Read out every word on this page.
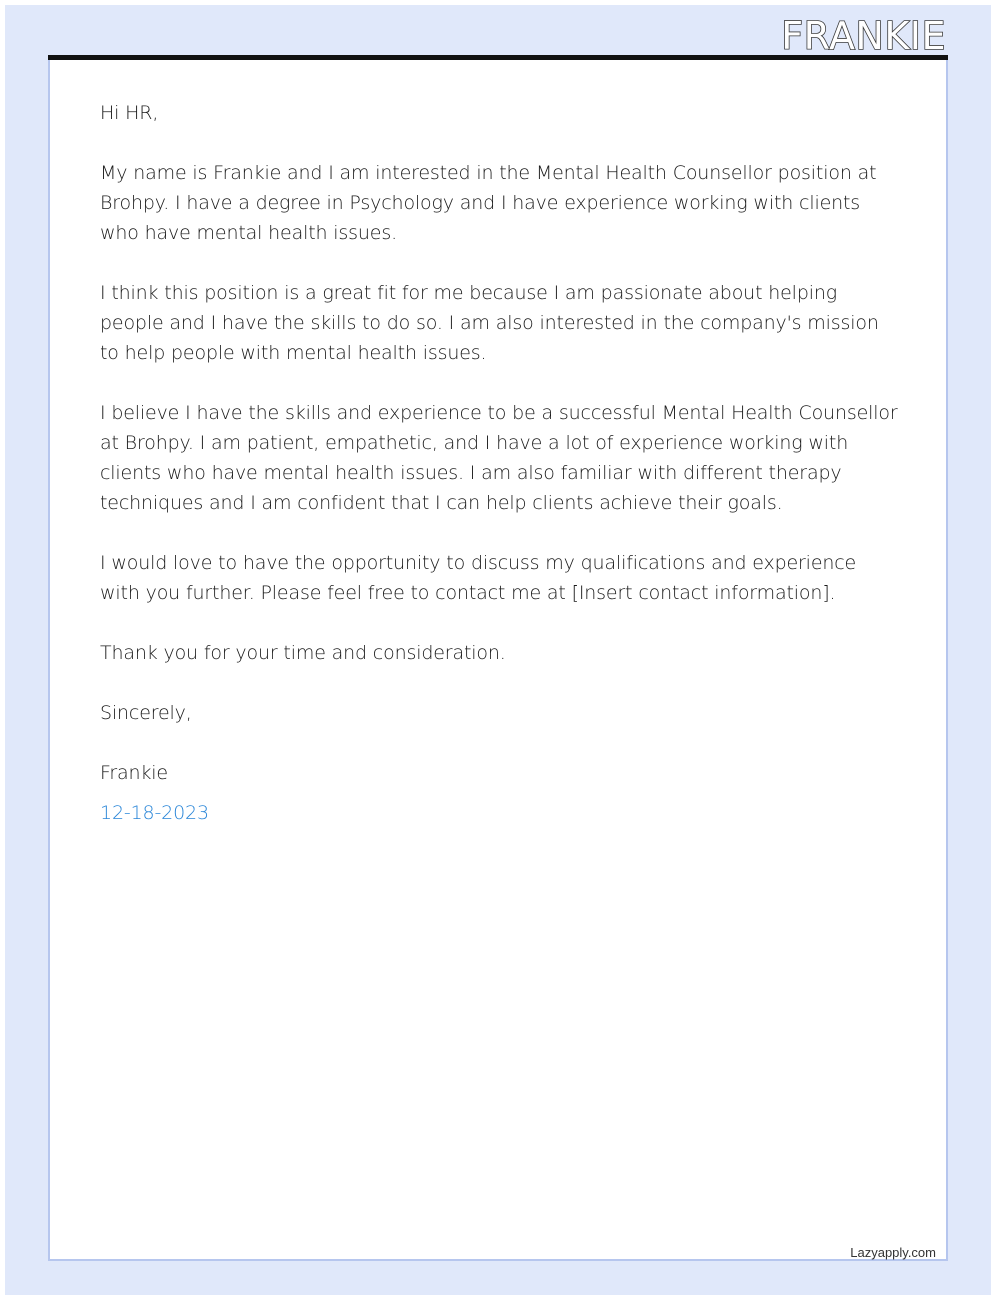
FRANKIE

Hi HR,

My name is Frankie and I am interested in the Mental Health Counsellor position at Brohpy. I have a degree in Psychology and I have experience working with clients who have mental health issues.

I think this position is a great fit for me because I am passionate about helping people and I have the skills to do so. I am also interested in the company's mission to help people with mental health issues.

I believe I have the skills and experience to be a successful Mental Health Counsellor at Brohpy. I am patient, empathetic, and I have a lot of experience working with clients who have mental health issues. I am also familiar with different therapy techniques and I am confident that I can help clients achieve their goals.

I would love to have the opportunity to discuss my qualifications and experience with you further. Please feel free to contact me at [Insert contact information].

Thank you for your time and consideration.

Sincerely,

Frankie

12-18-2023

Lazyapply.com
